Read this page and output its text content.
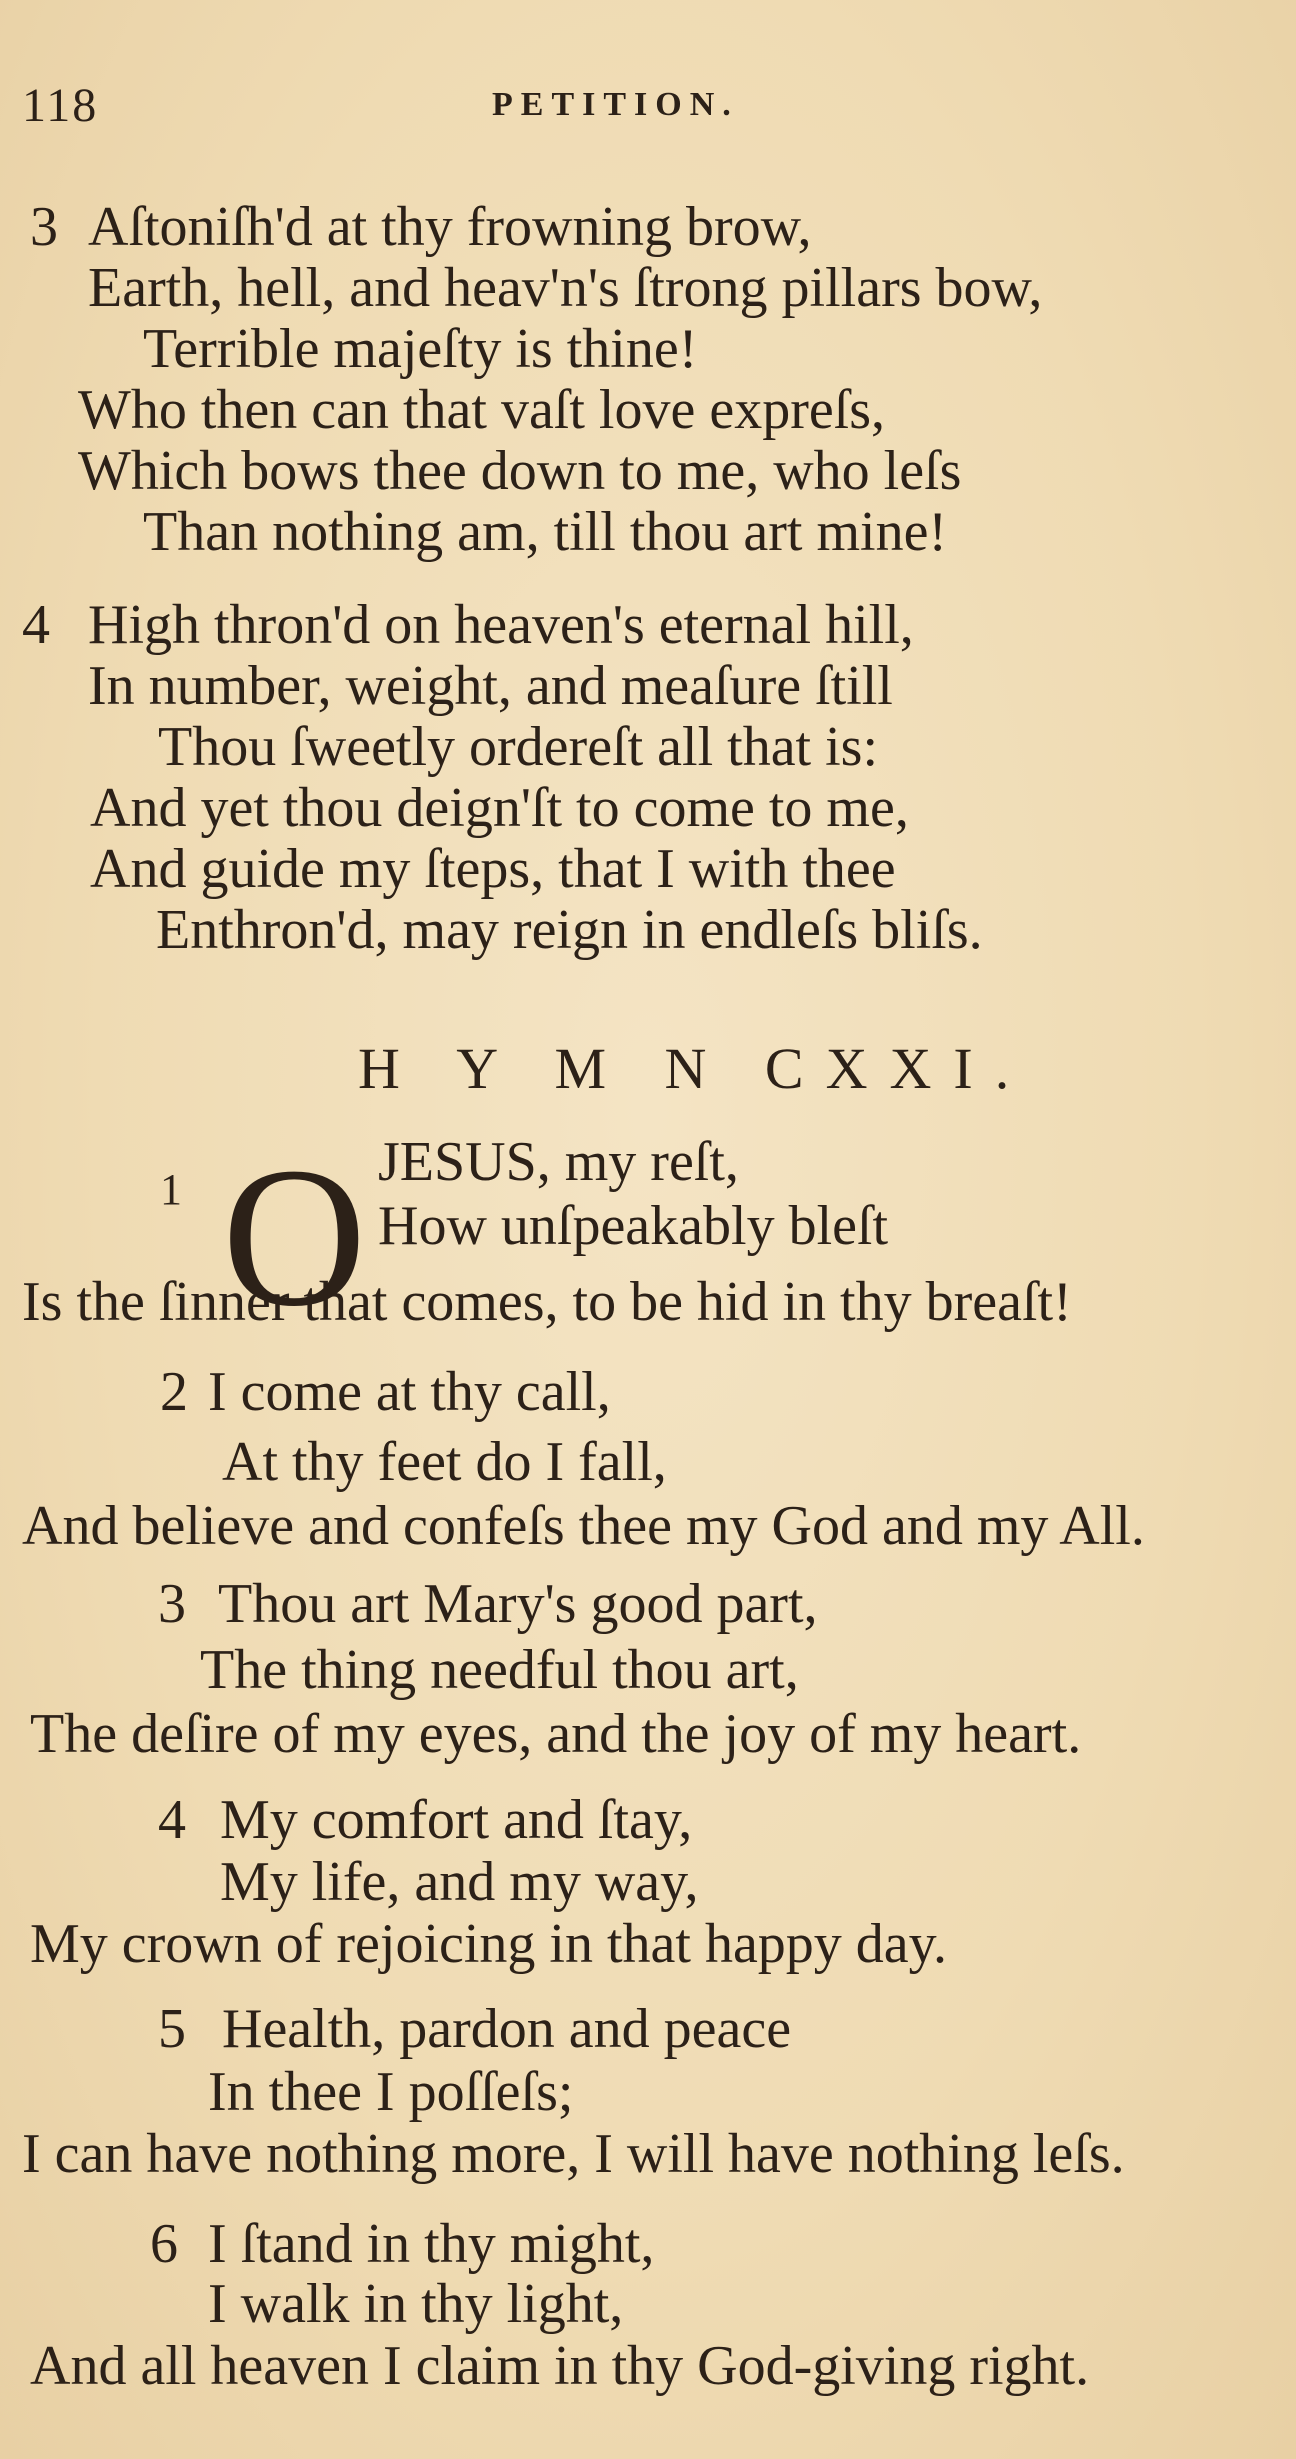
118	PETITION.
3 Aſtoniſh'd at thy frowning brow,
Earth, hell, and heav'n's ſtrong pillars bow,
Terrible majeſty is thine!
Who then can that vaſt love expreſs,
Which bows thee down to me, who leſs
Than nothing am, till thou art mine!
4 High thron'd on heaven's eternal hill,
In number, weight, and meaſure ſtill
Thou ſweetly ordereſt all that is:
And yet thou deign'ſt to come to me,
And guide my ſteps, that I with thee
Enthron'd, may reign in endleſs bliſs.
H Y M N CXXI.
1 O JESUS, my reſt,
How unſpeakably bleſt
Is the ſinner that comes, to be hid in thy breaſt!
2 I come at thy call,
At thy feet do I fall,
And believe and confeſs thee my God and my All.
3 Thou art Mary's good part,
The thing needful thou art,
The deſire of my eyes, and the joy of my heart.
4 My comfort and ſtay,
My life, and my way,
My crown of rejoicing in that happy day.
5 Health, pardon and peace
In thee I poſſeſs;
I can have nothing more, I will have nothing leſs.
6 I ſtand in thy might,
I walk in thy light,
And all heaven I claim in thy God-giving right.
